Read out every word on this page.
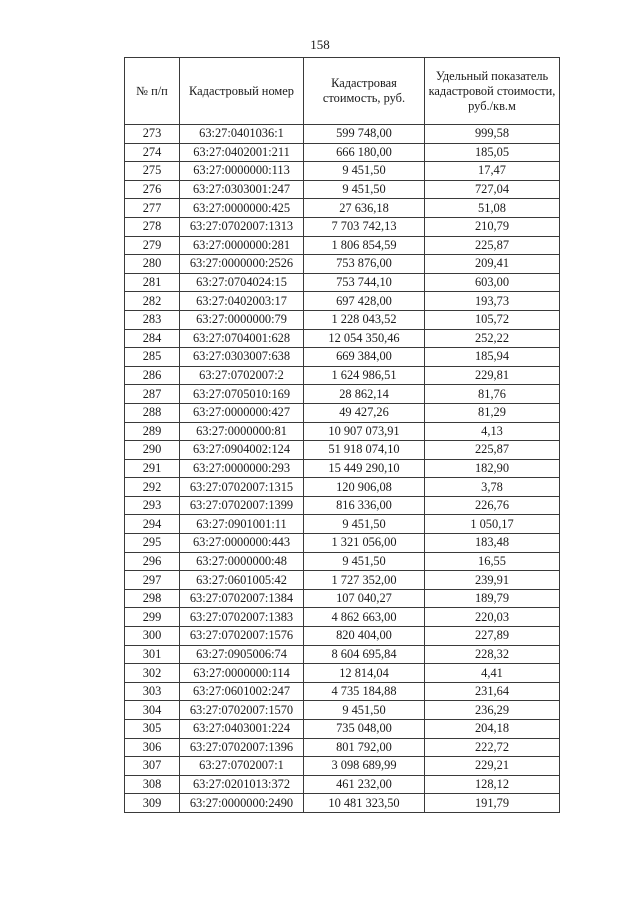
158
№ п/п	Кадастровый номер	Кадастровая стоимость, руб.	Удельный показатель кадастровой стоимости, руб./кв.м
273	63:27:0401036:1	599 748,00	999,58
274	63:27:0402001:211	666 180,00	185,05
275	63:27:0000000:113	9 451,50	17,47
276	63:27:0303001:247	9 451,50	727,04
277	63:27:0000000:425	27 636,18	51,08
278	63:27:0702007:1313	7 703 742,13	210,79
279	63:27:0000000:281	1 806 854,59	225,87
280	63:27:0000000:2526	753 876,00	209,41
281	63:27:0704024:15	753 744,10	603,00
282	63:27:0402003:17	697 428,00	193,73
283	63:27:0000000:79	1 228 043,52	105,72
284	63:27:0704001:628	12 054 350,46	252,22
285	63:27:0303007:638	669 384,00	185,94
286	63:27:0702007:2	1 624 986,51	229,81
287	63:27:0705010:169	28 862,14	81,76
288	63:27:0000000:427	49 427,26	81,29
289	63:27:0000000:81	10 907 073,91	4,13
290	63:27:0904002:124	51 918 074,10	225,87
291	63:27:0000000:293	15 449 290,10	182,90
292	63:27:0702007:1315	120 906,08	3,78
293	63:27:0702007:1399	816 336,00	226,76
294	63:27:0901001:11	9 451,50	1 050,17
295	63:27:0000000:443	1 321 056,00	183,48
296	63:27:0000000:48	9 451,50	16,55
297	63:27:0601005:42	1 727 352,00	239,91
298	63:27:0702007:1384	107 040,27	189,79
299	63:27:0702007:1383	4 862 663,00	220,03
300	63:27:0702007:1576	820 404,00	227,89
301	63:27:0905006:74	8 604 695,84	228,32
302	63:27:0000000:114	12 814,04	4,41
303	63:27:0601002:247	4 735 184,88	231,64
304	63:27:0702007:1570	9 451,50	236,29
305	63:27:0403001:224	735 048,00	204,18
306	63:27:0702007:1396	801 792,00	222,72
307	63:27:0702007:1	3 098 689,99	229,21
308	63:27:0201013:372	461 232,00	128,12
309	63:27:0000000:2490	10 481 323,50	191,79
